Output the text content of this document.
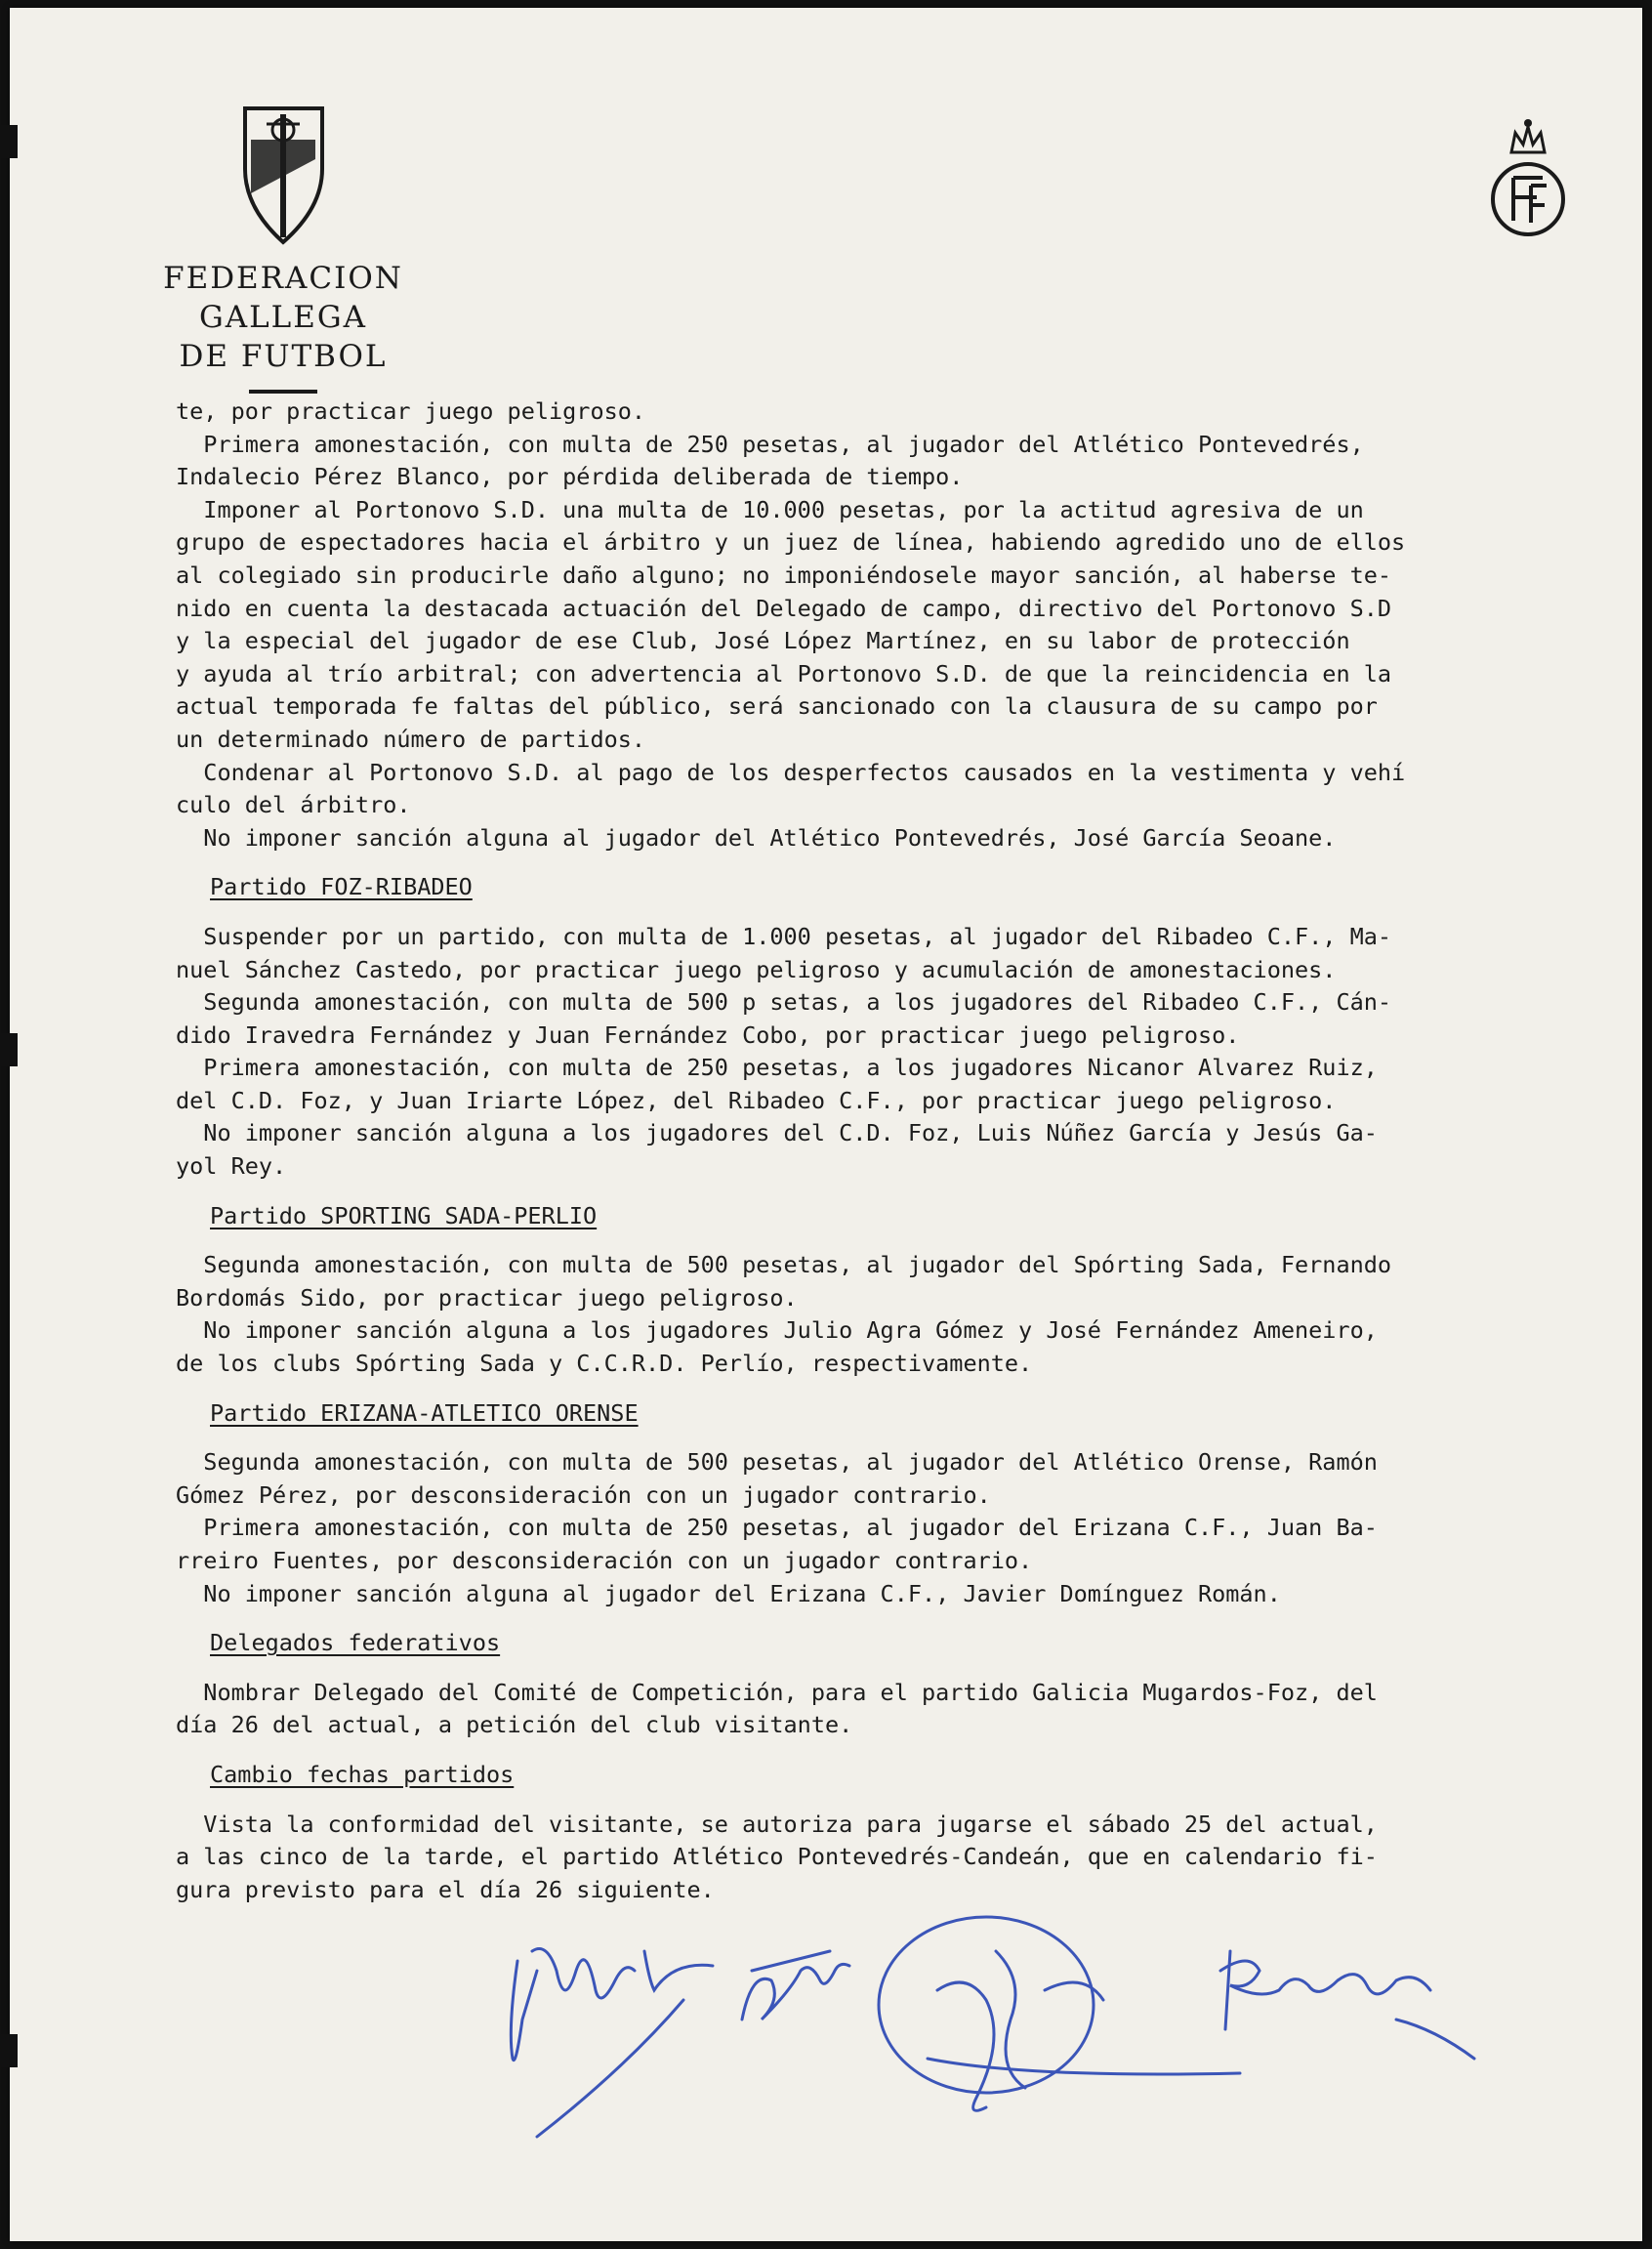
FEDERACION GALLEGA
DE FUTBOL
te, por practicar juego peligroso.
Primera amonestación, con multa de 250 pesetas, al jugador del Atlético Pontevedrés,
Indalecio Pérez Blanco, por pérdida deliberada de tiempo.
Imponer al Portonovo S.D. una multa de 10.000 pesetas, por la actitud agresiva de un
grupo de espectadores hacia el árbitro y un juez de línea, habiendo agredido uno de ellos
al colegiado sin producirle daño alguno; no imponiéndosele mayor sanción, al haberse te-
nido en cuenta la destacada actuación del Delegado de campo, directivo del Portonovo S.D
y la especial del jugador de ese Club, José López Martínez, en su labor de protección
y ayuda al trío arbitral; con advertencia al Portonovo S.D. de que la reincidencia en la
actual temporada fe faltas del público, será sancionado con la clausura de su campo por
un determinado número de partidos.
Condenar al Portonovo S.D. al pago de los desperfectos causados en la vestimenta y vehí
culo del árbitro.
No imponer sanción alguna al jugador del Atlético Pontevedrés, José García Seoane.
Partido FOZ-RIBADEO
Suspender por un partido, con multa de 1.000 pesetas, al jugador del Ribadeo C.F., Ma-
nuel Sánchez Castedo, por practicar juego peligroso y acumulación de amonestaciones.
Segunda amonestación, con multa de 500 p setas, a los jugadores del Ribadeo C.F., Cán-
dido Iravedra Fernández y Juan Fernández Cobo, por practicar juego peligroso.
Primera amonestación, con multa de 250 pesetas, a los jugadores Nicanor Alvarez Ruiz,
del C.D. Foz, y Juan Iriarte López, del Ribadeo C.F., por practicar juego peligroso.
No imponer sanción alguna a los jugadores del C.D. Foz, Luis Núñez García y Jesús Ga-
yol Rey.
Partido SPORTING SADA-PERLIO
Segunda amonestación, con multa de 500 pesetas, al jugador del Spórting Sada, Fernando
Bordomás Sido, por practicar juego peligroso.
No imponer sanción alguna a los jugadores Julio Agra Gómez y José Fernández Ameneiro,
de los clubs Spórting Sada y C.C.R.D. Perlío, respectivamente.
Partido ERIZANA-ATLETICO ORENSE
Segunda amonestación, con multa de 500 pesetas, al jugador del Atlético Orense, Ramón
Gómez Pérez, por desconsideración con un jugador contrario.
Primera amonestación, con multa de 250 pesetas, al jugador del Erizana C.F., Juan Ba-
rreiro Fuentes, por desconsideración con un jugador contrario.
No imponer sanción alguna al jugador del Erizana C.F., Javier Domínguez Román.
Delegados federativos
Nombrar Delegado del Comité de Competición, para el partido Galicia Mugardos-Foz, del
día 26 del actual, a petición del club visitante.
Cambio fechas partidos
Vista la conformidad del visitante, se autoriza para jugarse el sábado 25 del actual,
a las cinco de la tarde, el partido Atlético Pontevedrés-Candeán, que en calendario fi-
gura previsto para el día 26 siguiente.
